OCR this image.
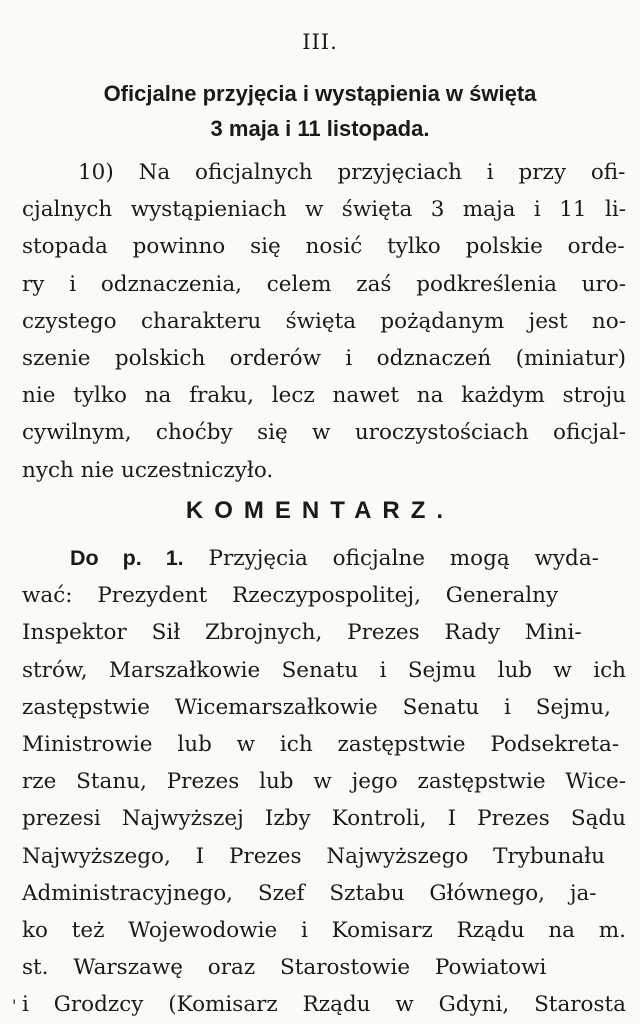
III.
Oficjalne przyjęcia i wystąpienia w święta
3 maja i 11 listopada.
10) Na oficjalnych przyjęciach i przy ofi-
cjalnych wystąpieniach w święta 3 maja i 11 li-
stopada powinno się nosić tylko polskie orde-
ry i odznaczenia, celem zaś podkreślenia uro-
czystego charakteru święta pożądanym jest no-
szenie polskich orderów i odznaczeń (miniatur)
nie tylko na fraku, lecz nawet na każdym stroju
cywilnym, choćby się w uroczystościach oficjal-
nych nie uczestniczyło.
KOMENTARZ.
Do p. 1. Przyjęcia oficjalne mogą wyda-
wać: Prezydent Rzeczypospolitej, Generalny
Inspektor Sił Zbrojnych, Prezes Rady Mini-
strów, Marszałkowie Senatu i Sejmu lub w ich
zastępstwie Wicemarszałkowie Senatu i Sejmu,
Ministrowie lub w ich zastępstwie Podsekreta-
rze Stanu, Prezes lub w jego zastępstwie Wice-
prezesi Najwyższej Izby Kontroli, I Prezes Sądu
Najwyższego, I Prezes Najwyższego Trybunału
Administracyjnego, Szef Sztabu Głównego, ja-
ko też Wojewodowie i Komisarz Rządu na m.
st. Warszawę oraz Starostowie Powiatowi
i Grodzcy (Komisarz Rządu w Gdyni, Starosta
'
